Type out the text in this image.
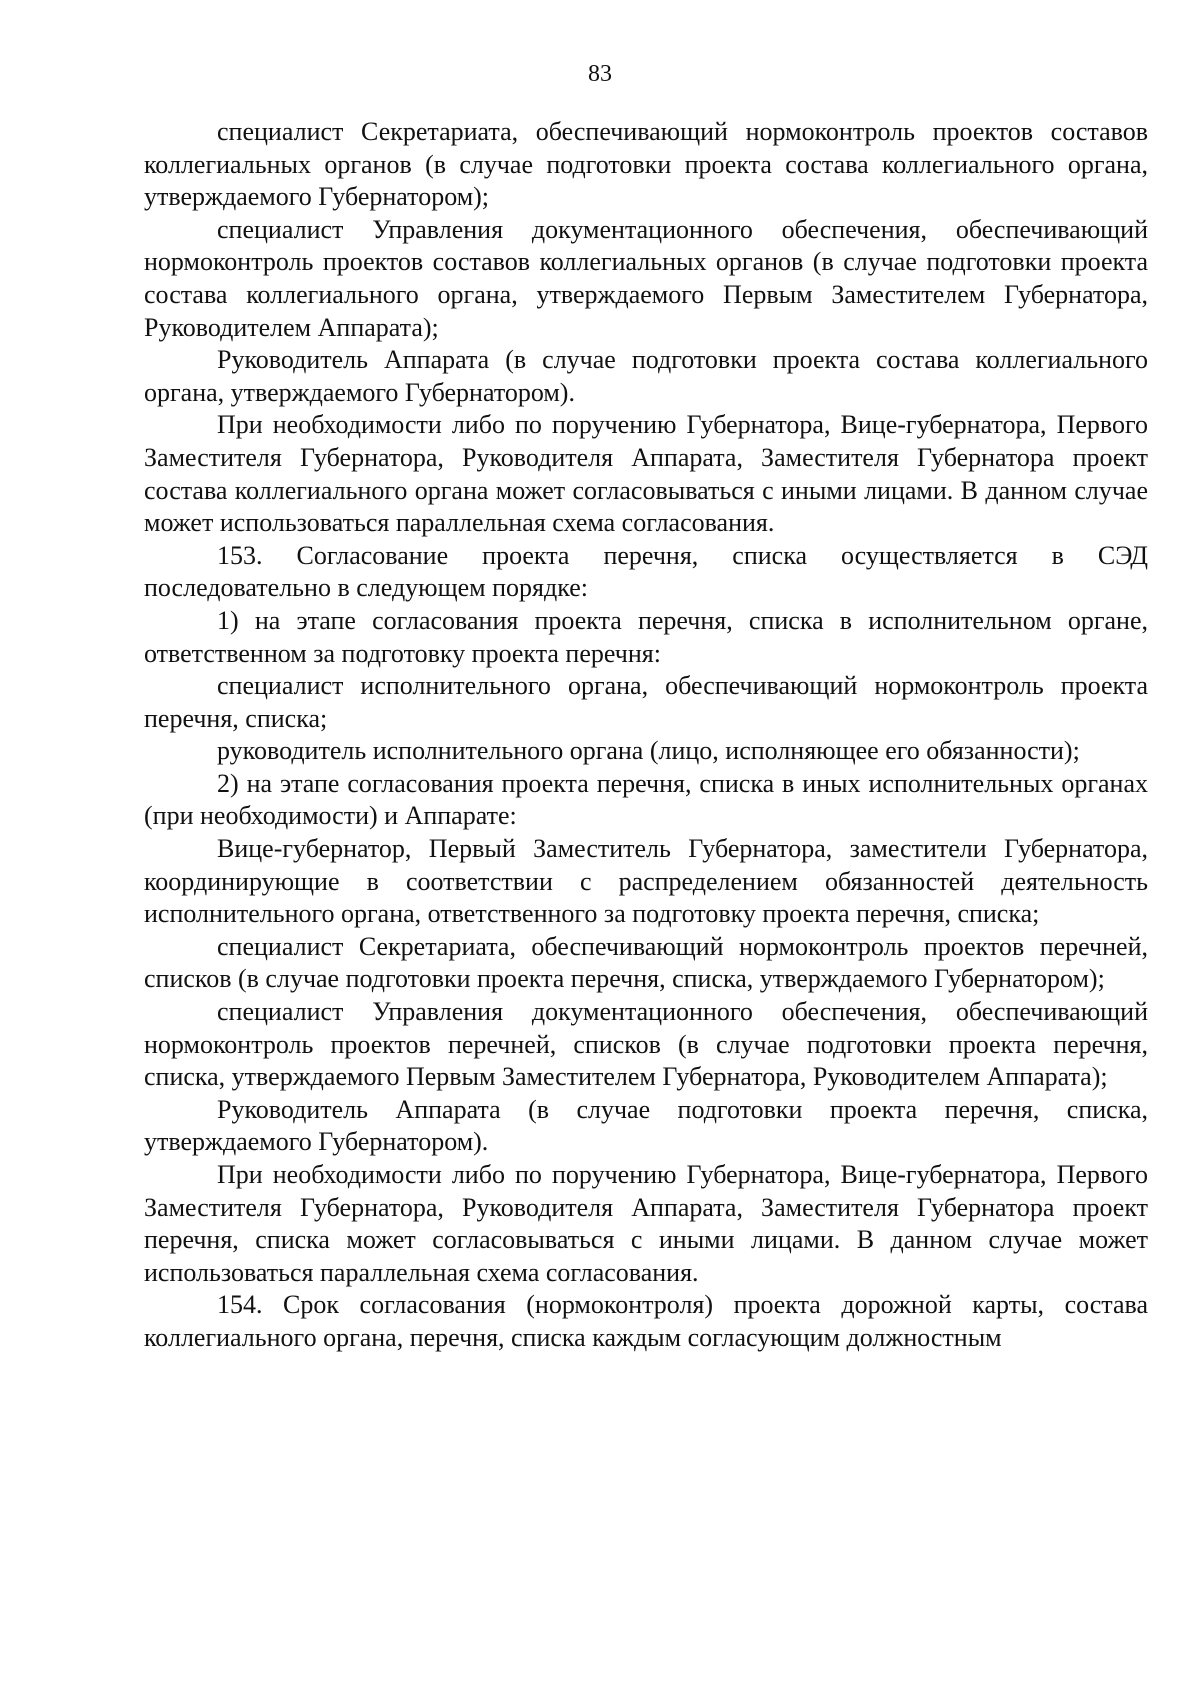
83

специалист Секретариата, обеспечивающий нормоконтроль проектов составов коллегиальных органов (в случае подготовки проекта состава коллегиального органа, утверждаемого Губернатором);

специалист Управления документационного обеспечения, обеспечивающий нормоконтроль проектов составов коллегиальных органов (в случае подготовки проекта состава коллегиального органа, утверждаемого Первым Заместителем Губернатора, Руководителем Аппарата);

Руководитель Аппарата (в случае подготовки проекта состава коллегиального органа, утверждаемого Губернатором).

При необходимости либо по поручению Губернатора, Вице-губернатора, Первого Заместителя Губернатора, Руководителя Аппарата, Заместителя Губернатора проект состава коллегиального органа может согласовываться с иными лицами. В данном случае может использоваться параллельная схема согласования.

153. Согласование проекта перечня, списка осуществляется в СЭД последовательно в следующем порядке:

1) на этапе согласования проекта перечня, списка в исполнительном органе, ответственном за подготовку проекта перечня:

специалист исполнительного органа, обеспечивающий нормоконтроль проекта перечня, списка;

руководитель исполнительного органа (лицо, исполняющее его обязанности);

2) на этапе согласования проекта перечня, списка в иных исполнительных органах (при необходимости) и Аппарате:

Вице-губернатор, Первый Заместитель Губернатора, заместители Губернатора, координирующие в соответствии с распределением обязанностей деятельность исполнительного органа, ответственного за подготовку проекта перечня, списка;

специалист Секретариата, обеспечивающий нормоконтроль проектов перечней, списков (в случае подготовки проекта перечня, списка, утверждаемого Губернатором);

специалист Управления документационного обеспечения, обеспечивающий нормоконтроль проектов перечней, списков (в случае подготовки проекта перечня, списка, утверждаемого Первым Заместителем Губернатора, Руководителем Аппарата);

Руководитель Аппарата (в случае подготовки проекта перечня, списка, утверждаемого Губернатором).

При необходимости либо по поручению Губернатора, Вице-губернатора, Первого Заместителя Губернатора, Руководителя Аппарата, Заместителя Губернатора проект перечня, списка может согласовываться с иными лицами. В данном случае может использоваться параллельная схема согласования.

154. Срок согласования (нормоконтроля) проекта дорожной карты, состава коллегиального органа, перечня, списка каждым согласующим должностным
